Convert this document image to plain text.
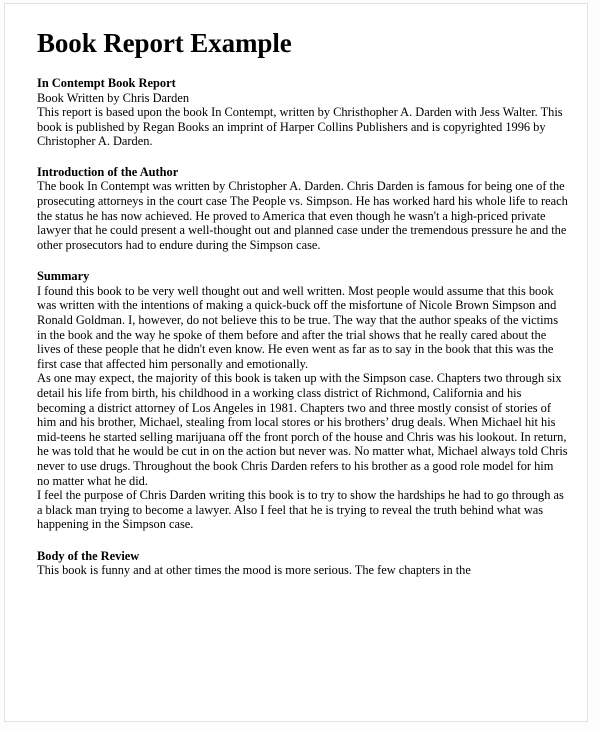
Book Report Example

In Contempt Book Report

Book Written by Chris Darden

This report is based upon the book In Contempt, written by Christhopher A. Darden with Jess Walter. This book is published by Regan Books an imprint of Harper Collins Publishers and is copyrighted 1996 by Christopher A. Darden.

Introduction of the Author

The book In Contempt was written by Christopher A. Darden. Chris Darden is famous for being one of the prosecuting attorneys in the court case The People vs. Simpson. He has worked hard his whole life to reach the status he has now achieved. He proved to America that even though he wasn't a high-priced private lawyer that he could present a well-thought out and planned case under the tremendous pressure he and the other prosecutors had to endure during the Simpson case.

Summary

I found this book to be very well thought out and well written. Most people would assume that this book was written with the intentions of making a quick-buck off the misfortune of Nicole Brown Simpson and Ronald Goldman. I, however, do not believe this to be true. The way that the author speaks of the victims in the book and the way he spoke of them before and after the trial shows that he really cared about the lives of these people that he didn't even know. He even went as far as to say in the book that this was the first case that affected him personally and emotionally.

As one may expect, the majority of this book is taken up with the Simpson case. Chapters two through six detail his life from birth, his childhood in a working class district of Richmond, California and his becoming a district attorney of Los Angeles in 1981. Chapters two and three mostly consist of stories of him and his brother, Michael, stealing from local stores or his brothers’ drug deals. When Michael hit his mid-teens he started selling marijuana off the front porch of the house and Chris was his lookout. In return, he was told that he would be cut in on the action but never was. No matter what, Michael always told Chris never to use drugs. Throughout the book Chris Darden refers to his brother as a good role model for him no matter what he did.

I feel the purpose of Chris Darden writing this book is to try to show the hardships he had to go through as a black man trying to become a lawyer. Also I feel that he is trying to reveal the truth behind what was happening in the Simpson case.

Body of the Review

This book is funny and at other times the mood is more serious. The few chapters in the
